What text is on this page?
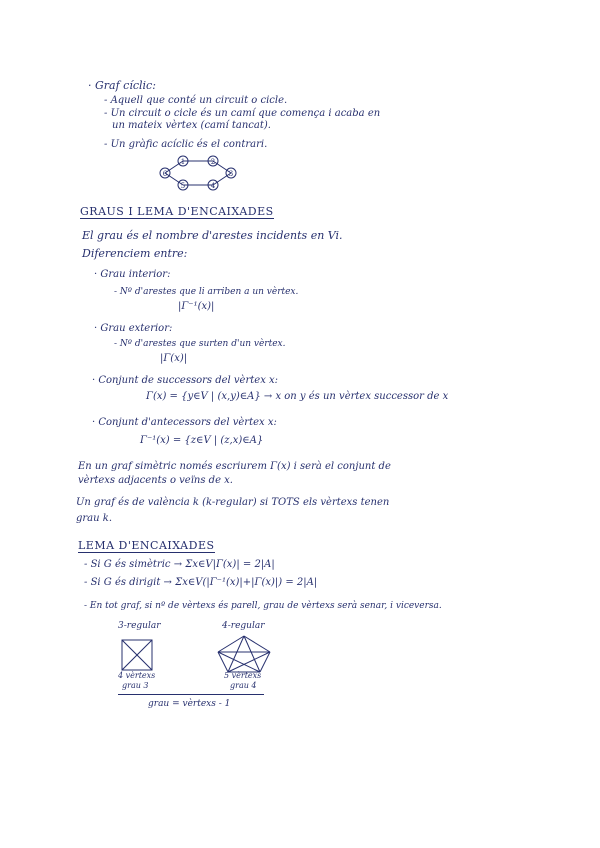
· Graf cíclic:
- Aquell que conté un circuit o cicle.
- Un circuit o cicle és un camí que comença i acaba en
un mateix vèrtex (camí tancat).
- Un gràfic acíclic és el contrari.
1	2
3
4
5
6
GRAUS I LEMA D'ENCAIXADES
El grau és el nombre d'arestes incidents en Vi.
Diferenciem entre:
· Grau interior:
- Nº d'arestes que li arriben a un vèrtex.
|Γ⁻¹(x)|
· Grau exterior:
- Nº d'arestes que surten d'un vèrtex.
|Γ(x)|
· Conjunt de successors del vèrtex x:
Γ(x) = {y∈V | (x,y)∈A} → x on y és un vèrtex successor de x
· Conjunt d'antecessors del vèrtex x:
Γ⁻¹(x) = {z∈V | (z,x)∈A}
En un graf simètric només escriurem Γ(x) i serà el conjunt de
vèrtexs adjacents o veïns de x.
Un graf és de valència k (k-regular) si TOTS els vèrtexs tenen
grau k.
LEMA D'ENCAIXADES
- Si G és simètric → Σx∈V|Γ(x)| = 2|A|
- Si G és dirigit → Σx∈V(|Γ⁻¹(x)|+|Γ(x)|) = 2|A|
- En tot graf, si nº de vèrtexs és parell, grau de vèrtexs serà senar, i viceversa.
3-regular
4 vèrtexs
grau 3
4-regular
5 vèrtexs
grau 4
grau = vèrtexs - 1
